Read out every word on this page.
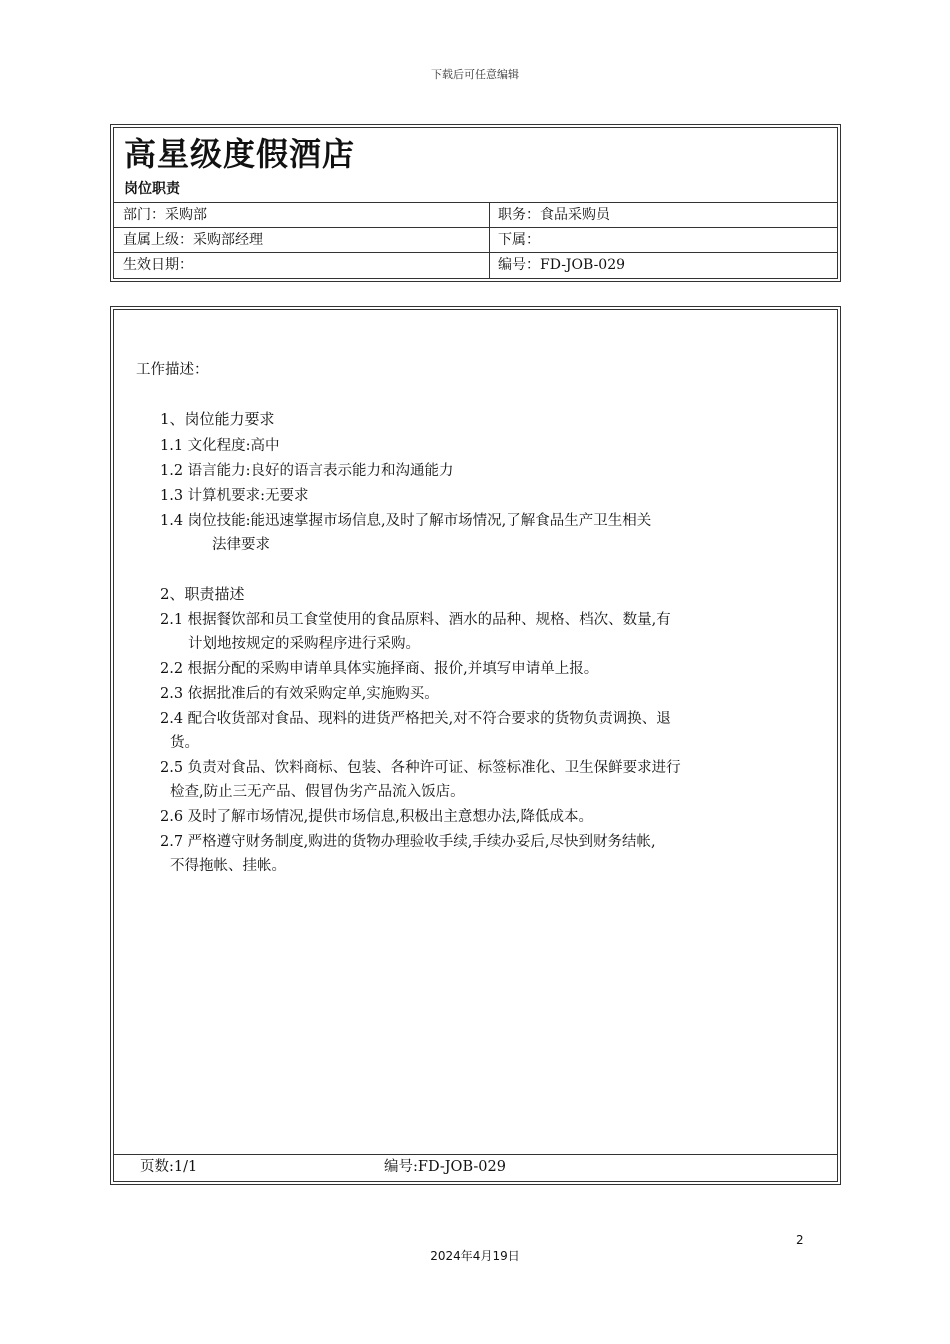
下载后可任意编辑
高星级度假酒店
岗位职责
部门：采购部	职务：食品采购员
直属上级：采购部经理	下属：
生效日期：	编号：FD-JOB-029
工作描述：
1、岗位能力要求
1.1 文化程度:高中
1.2 语言能力:良好的语言表示能力和沟通能力
1.3 计算机要求:无要求
1.4 岗位技能:能迅速掌握市场信息,及时了解市场情况,了解食品生产卫生相关
法律要求
2、职责描述
2.1 根据餐饮部和员工食堂使用的食品原料、酒水的品种、规格、档次、数量,有
计划地按规定的采购程序进行采购。
2.2 根据分配的采购申请单具体实施择商、报价,并填写申请单上报。
2.3 依据批准后的有效采购定单,实施购买。
2.4 配合收货部对食品、现料的进货严格把关,对不符合要求的货物负责调换、退
货。
2.5 负责对食品、饮料商标、包装、各种许可证、标签标准化、卫生保鲜要求进行
检查,防止三无产品、假冒伪劣产品流入饭店。
2.6 及时了解市场情况,提供市场信息,积极出主意想办法,降低成本。
2.7 严格遵守财务制度,购进的货物办理验收手续,手续办妥后,尽快到财务结帐,
不得拖帐、挂帐。
页数:1/1	编号:FD-JOB-029
2
2024年4月19日
